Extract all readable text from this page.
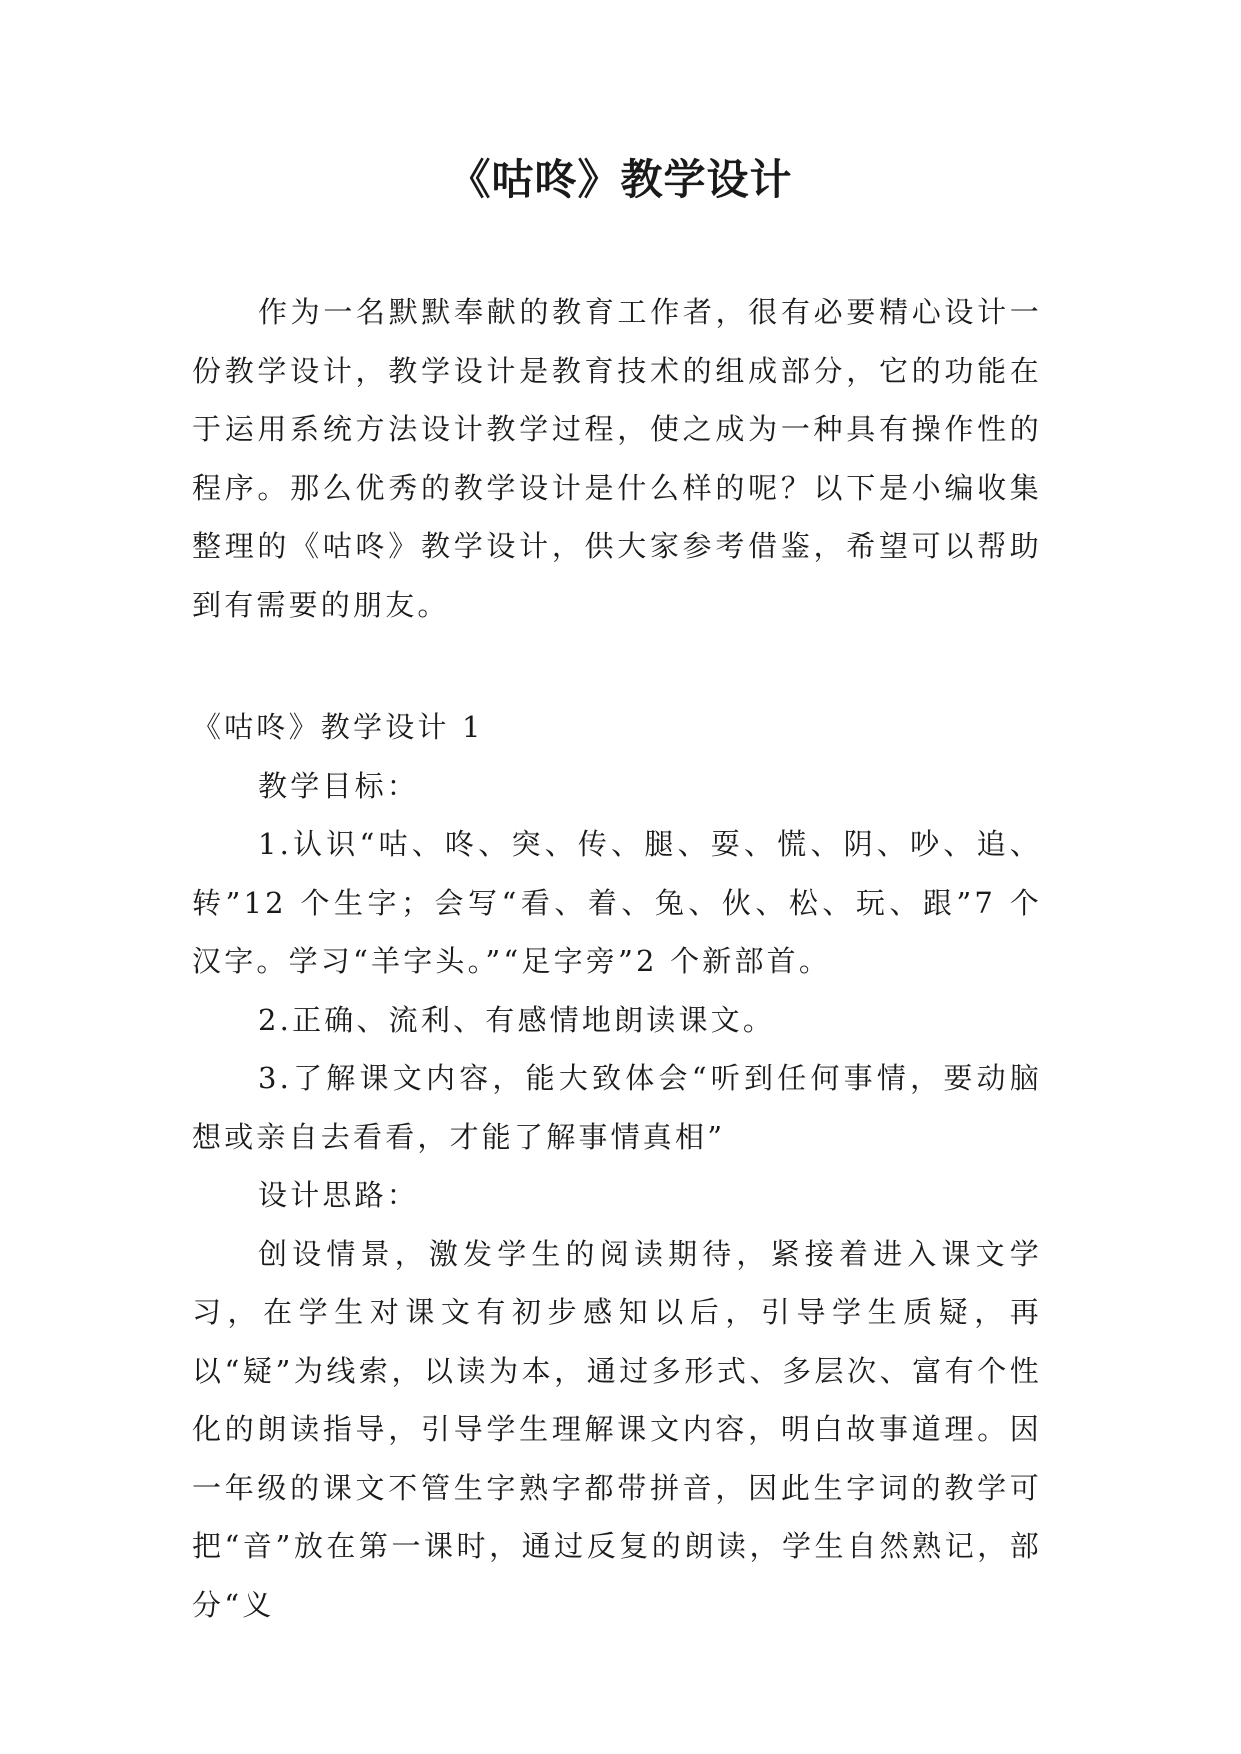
《咕咚》教学设计

作为一名默默奉献的教育工作者，很有必要精心设计一份教学设计，教学设计是教育技术的组成部分，它的功能在于运用系统方法设计教学过程，使之成为一种具有操作性的程序。那么优秀的教学设计是什么样的呢？以下是小编收集整理的《咕咚》教学设计，供大家参考借鉴，希望可以帮助到有需要的朋友。

《咕咚》教学设计 1

教学目标：

1.认识“咕、咚、突、传、腿、耍、慌、阴、吵、追、转”12 个生字；会写“看、着、兔、伙、松、玩、跟”7 个汉字。学习“羊字头。”“足字旁”2 个新部首。

2.正确、流利、有感情地朗读课文。

3.了解课文内容，能大致体会“听到任何事情，要动脑想或亲自去看看，才能了解事情真相”

设计思路：

创设情景，激发学生的阅读期待，紧接着进入课文学习，在学生对课文有初步感知以后，引导学生质疑，再以“疑”为线索，以读为本，通过多形式、多层次、富有个性化的朗读指导，引导学生理解课文内容，明白故事道理。因一年级的课文不管生字熟字都带拼音，因此生字词的教学可把“音”放在第一课时，通过反复的朗读，学生自然熟记，部分“义
